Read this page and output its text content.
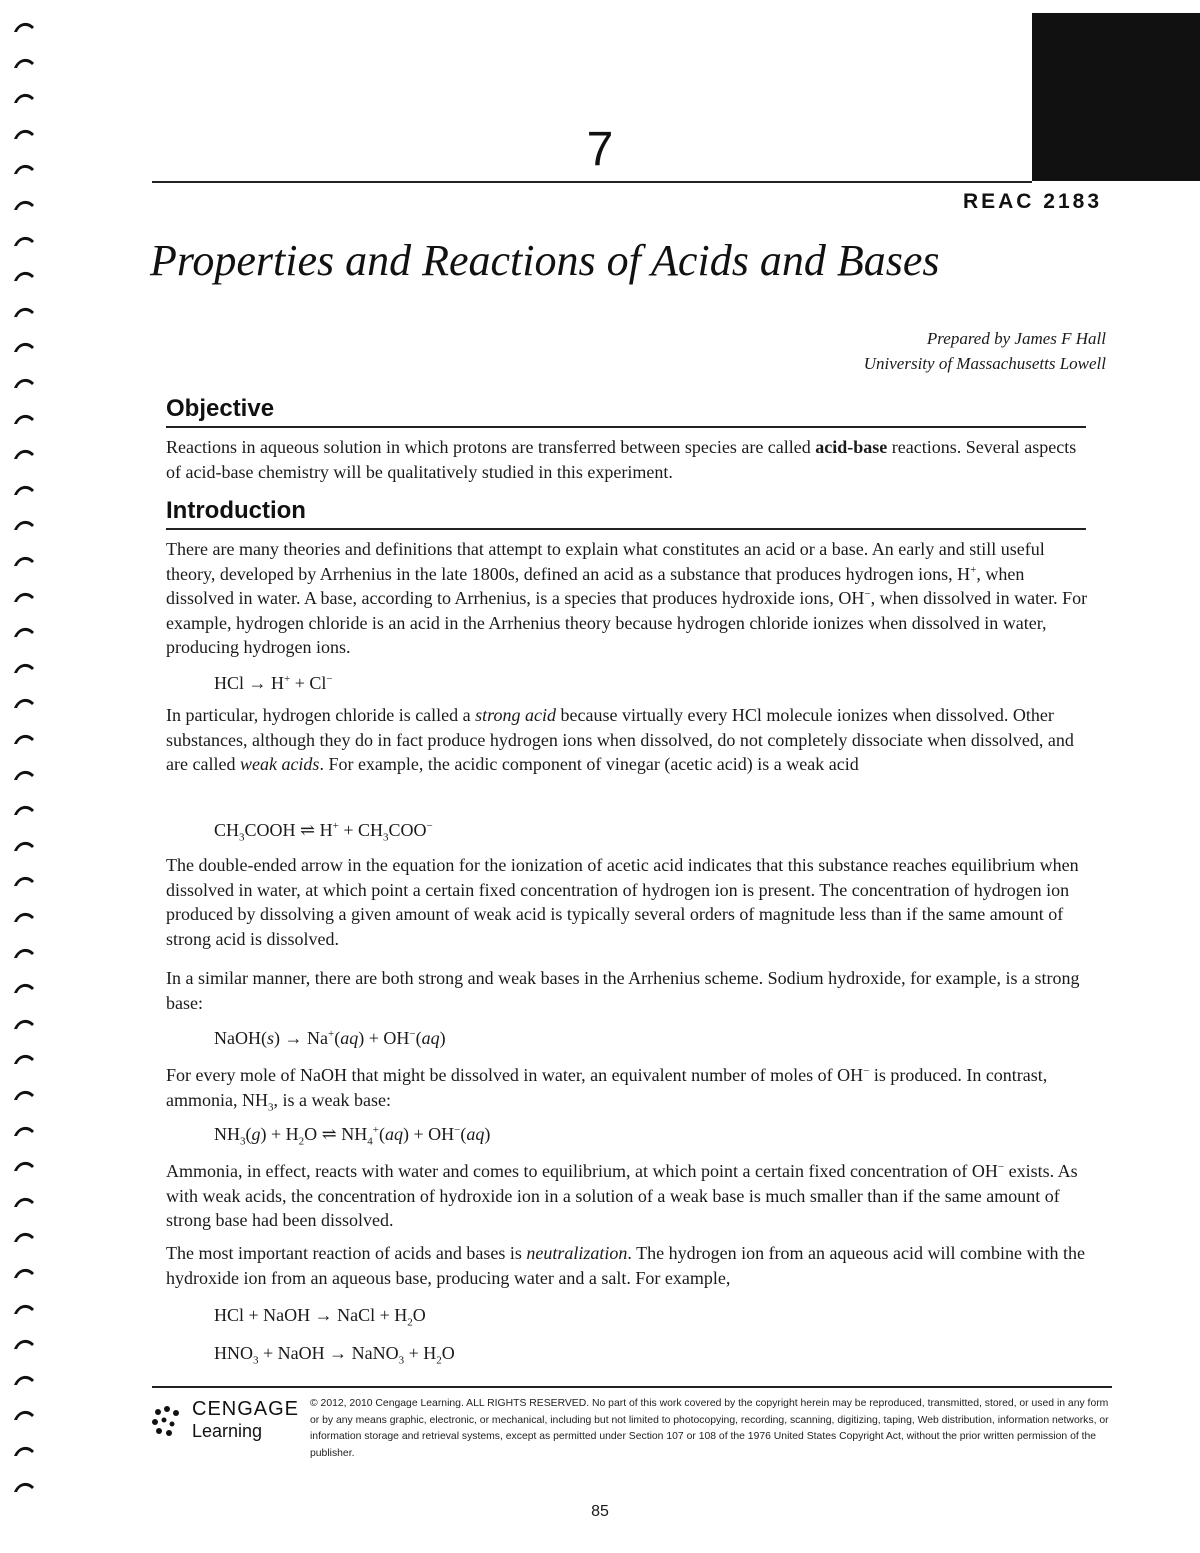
7
REAC 2183
Properties and Reactions of Acids and Bases
Prepared by James F Hall
University of Massachusetts Lowell
Objective

Reactions in aqueous solution in which protons are transferred between species are called acid-base reactions. Several aspects of acid-base chemistry will be qualitatively studied in this experiment.

Introduction

There are many theories and definitions that attempt to explain what constitutes an acid or a base. An early and still useful theory, developed by Arrhenius in the late 1800s, defined an acid as a substance that produces hydrogen ions, H+, when dissolved in water. A base, according to Arrhenius, is a species that produces hydroxide ions, OH−, when dissolved in water. For example, hydrogen chloride is an acid in the Arrhenius theory because hydrogen chloride ionizes when dissolved in water, producing hydrogen ions.

HCl → H+ + Cl−

In particular, hydrogen chloride is called a strong acid because virtually every HCl molecule ionizes when dissolved. Other substances, although they do in fact produce hydrogen ions when dissolved, do not completely dissociate when dissolved, and are called weak acids. For example, the acidic component of vinegar (acetic acid) is a weak acid

$CH_3COOH$ ⇌ $H^+ + CH_3COO^-$

The double-ended arrow in the equation for the ionization of acetic acid indicates that this substance reaches equilibrium when dissolved in water, at which point a certain fixed concentration of hydrogen ion is present. The concentration of hydrogen ion produced by dissolving a given amount of weak acid is typically several orders of magnitude less than if the same amount of strong acid is dissolved.

In a similar manner, there are both strong and weak bases in the Arrhenius scheme. Sodium hydroxide, for example, is a strong base:

NaOH(s) → Na+(aq) + OH−(aq)

For every mole of NaOH that might be dissolved in water, an equivalent number of moles of OH− is produced. In contrast, ammonia, $NH_3$, is a weak base:

$NH_3(g) + H_2O$ ⇌ $NH_4^+(aq) + OH^-(aq)$

Ammonia, in effect, reacts with water and comes to equilibrium, at which point a certain fixed concentration of OH− exists. As with weak acids, the concentration of hydroxide ion in a solution of a weak base is much smaller than if the same amount of strong base had been dissolved.

The most important reaction of acids and bases is neutralization. The hydrogen ion from an aqueous acid will combine with the hydroxide ion from an aqueous base, producing water and a salt. For example,

HCl + NaOH → NaCl + $H_2O$
$HNO_3$ + NaOH → NaNO$_3$ + $H_2O$
CENGAGE
Learning

© 2012, 2010 Cengage Learning. ALL RIGHTS RESERVED. No part of this work covered by the copyright herein may be reproduced, transmitted, stored, or used in any form or by any means graphic, electronic, or mechanical, including but not limited to photocopying, recording, scanning, digitizing, taping, Web distribution, information networks, or information storage and retrieval systems, except as permitted under Section 107 or 108 of the 1976 United States Copyright Act, without the prior written permission of the publisher.

85
